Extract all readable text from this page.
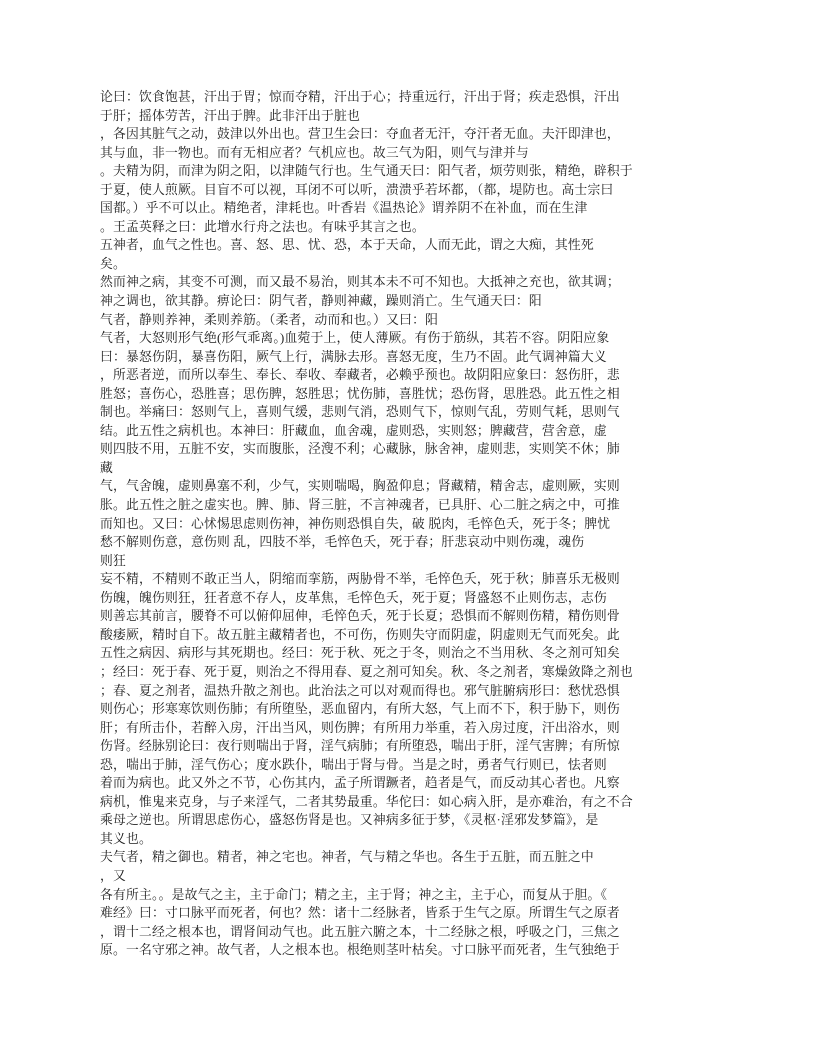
论曰：饮食饱甚，汗出于胃；惊而夺精，汗出于心；持重远行，汗出于肾；疾走恐惧，汗出
于肝；摇体劳苦，汗出于脾。此非汗出于脏也
，各因其脏气之动，鼓津以外出也。营卫生会曰：夺血者无汗，夺汗者无血。夫汗即津也，
其与血，非一物也。而有无相应者？气机应也。故三气为阳，则气与津并与
。夫精为阴，而津为阴之阳，以津随气行也。生气通天曰：阳气者，烦劳则张，精绝，辟积于
于夏，使人煎厥。目盲不可以视，耳闭不可以听，溃溃乎若坏都，（都，堤防也。高士宗曰
国都。）乎不可以止。精绝者，津耗也。叶香岩《温热论》谓养阴不在补血，而在生津
。王孟英释之曰：此增水行舟之法也。有味乎其言之也。
五神者，血气之性也。喜、怒、思、忧、恐，本于天命，人而无此，谓之大痴，其性死
矣。
然而神之病，其变不可测，而又最不易治，则其本未不可不知也。大抵神之充也，欲其调；
神之调也，欲其静。痹论曰：阴气者，静则神藏，躁则消亡。生气通天曰：阳
气者，静则养神，柔则养筋。（柔者，动而和也。）又曰：阳
气者，大怒则形气绝(形气乖离。)血菀于上，使人薄厥。有伤于筋纵，其若不容。阴阳应象
曰：暴怒伤阴，暴喜伤阳，厥气上行，满脉去形。喜怒无度，生乃不固。此气调神篇大义
，所恶者逆，而所以奉生、奉长、奉收、奉藏者，必赖乎预也。故阴阳应象曰：怒伤肝，悲
胜怒；喜伤心，恐胜喜；思伤脾，怒胜思；忧伤肺，喜胜忧；恐伤肾，思胜恐。此五性之相
制也。举痛曰：怒则气上，喜则气缓，悲则气消，恐则气下，惊则气乱，劳则气耗，思则气
结。此五性之病机也。本神曰：肝藏血，血舍魂，虚则恐，实则怒；脾藏营，营舍意，虚
则四肢不用，五脏不安，实而腹胀，泾溲不利；心藏脉，脉舍神，虚则悲，实则笑不休；肺
藏
气，气舍魄，虚则鼻塞不利，少气，实则喘喝，胸盈仰息；肾藏精，精舍志，虚则厥，实则
胀。此五性之脏之虚实也。脾、肺、肾三脏，不言神魂者，已具肝、心二脏之病之中，可推
而知也。又曰：心怵惕思虑则伤神，神伤则恐惧自失，破 脱肉，毛悴色夭，死于冬；脾忧
愁不解则伤意，意伤则 乱，四肢不举，毛悴色夭，死于春；肝悲哀动中则伤魂，魂伤
则狂
妄不精，不精则不敢正当人，阴缩而挛筋，两胁骨不举，毛悴色夭，死于秋；肺喜乐无极则
伤魄，魄伤则狂，狂者意不存人，皮革焦，毛悴色夭，死于夏；肾盛怒不止则伤志，志伤
则善忘其前言，腰脊不可以俯仰屈伸，毛悴色夭，死于长夏；恐惧而不解则伤精，精伤则骨
酸痿厥，精时自下。故五脏主藏精者也，不可伤，伤则失守而阴虚，阴虚则无气而死矣。此
五性之病因、病形与其死期也。经曰：死于秋、死之于冬，则治之不当用秋、冬之剂可知矣
；经曰：死于春、死于夏，则治之不得用春、夏之剂可知矣。秋、冬之剂者，寒燥敛降之剂也
；春、夏之剂者，温热升散之剂也。此治法之可以对观而得也。邪气脏腑病形曰：愁忧恐惧
则伤心；形寒寒饮则伤肺；有所堕坠，恶血留内，有所大怒，气上而不下，积于胁下，则伤
肝；有所击仆，若醉入房，汗出当风，则伤脾；有所用力举重，若入房过度，汗出浴水，则
伤肾。经脉别论曰：夜行则喘出于肾，淫气病肺；有所堕恐，喘出于肝，淫气害脾；有所惊
恐，喘出于肺，淫气伤心；度水跌仆，喘出于肾与骨。当是之时，勇者气行则已，怯者则
着而为病也。此又外之不节，心伤其内，孟子所谓蹶者，趋者是气，而反动其心者也。凡察
病机，惟鬼来克身，与子来淫气，二者其势最重。华佗曰：如心病入肝，是亦难治，有之不合
乘母之逆也。所谓思虑伤心，盛怒伤肾是也。又神病多征于梦，《灵枢·淫邪发梦篇》，是
其义也。
夫气者，精之御也。精者，神之宅也。神者，气与精之华也。各生于五脏，而五脏之中
，又
各有所主。。是故气之主，主于命门；精之主，主于肾；神之主，主于心，而复从于胆。《
难经》曰：寸口脉平而死者，何也？然：诸十二经脉者，皆系于生气之原。所谓生气之原者
，谓十二经之根本也，谓肾间动气也。此五脏六腑之本，十二经脉之根，呼吸之门，三焦之
原。一名守邪之神。故气者，人之根本也。根绝则茎叶枯矣。寸口脉平而死者，生气独绝于
